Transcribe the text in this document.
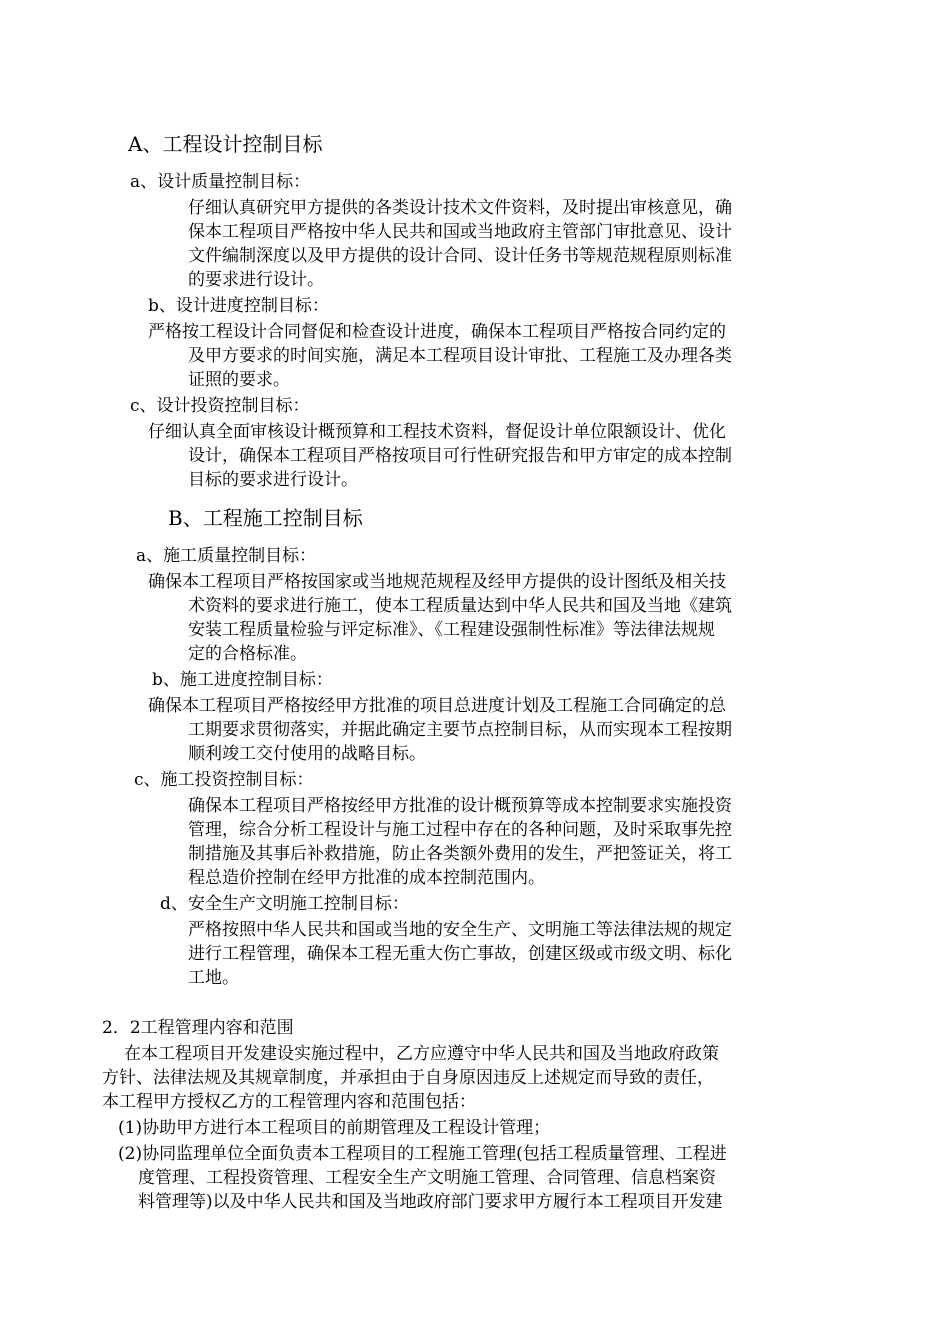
A、工程设计控制目标
a、设计质量控制目标：
仔细认真研究甲方提供的各类设计技术文件资料，及时提出审核意见，确
保本工程项目严格按中华人民共和国或当地政府主管部门审批意见、设计
文件编制深度以及甲方提供的设计合同、设计任务书等规范规程原则标准
的要求进行设计。
b、设计进度控制目标：
严格按工程设计合同督促和检查设计进度，确保本工程项目严格按合同约定的
及甲方要求的时间实施，满足本工程项目设计审批、工程施工及办理各类
证照的要求。
c、设计投资控制目标：
仔细认真全面审核设计概预算和工程技术资料，督促设计单位限额设计、优化
设计，确保本工程项目严格按项目可行性研究报告和甲方审定的成本控制
目标的要求进行设计。
B、工程施工控制目标
a、施工质量控制目标：
确保本工程项目严格按国家或当地规范规程及经甲方提供的设计图纸及相关技
术资料的要求进行施工，使本工程质量达到中华人民共和国及当地《建筑
安装工程质量检验与评定标准》、《工程建设强制性标准》等法律法规规
定的合格标准。
b、施工进度控制目标：
确保本工程项目严格按经甲方批准的项目总进度计划及工程施工合同确定的总
工期要求贯彻落实，并据此确定主要节点控制目标，从而实现本工程按期
顺利竣工交付使用的战略目标。
c、施工投资控制目标：
确保本工程项目严格按经甲方批准的设计概预算等成本控制要求实施投资
管理，综合分析工程设计与施工过程中存在的各种问题，及时采取事先控
制措施及其事后补救措施，防止各类额外费用的发生，严把签证关，将工
程总造价控制在经甲方批准的成本控制范围内。
d、安全生产文明施工控制目标：
严格按照中华人民共和国或当地的安全生产、文明施工等法律法规的规定
进行工程管理，确保本工程无重大伤亡事故，创建区级或市级文明、标化
工地。
2．2工程管理内容和范围
在本工程项目开发建设实施过程中，乙方应遵守中华人民共和国及当地政府政策
方针、法律法规及其规章制度，并承担由于自身原因违反上述规定而导致的责任，
本工程甲方授权乙方的工程管理内容和范围包括：
(1)协助甲方进行本工程项目的前期管理及工程设计管理；
(2)协同监理单位全面负责本工程项目的工程施工管理(包括工程质量管理、工程进
度管理、工程投资管理、工程安全生产文明施工管理、合同管理、信息档案资
料管理等)以及中华人民共和国及当地政府部门要求甲方履行本工程项目开发建
